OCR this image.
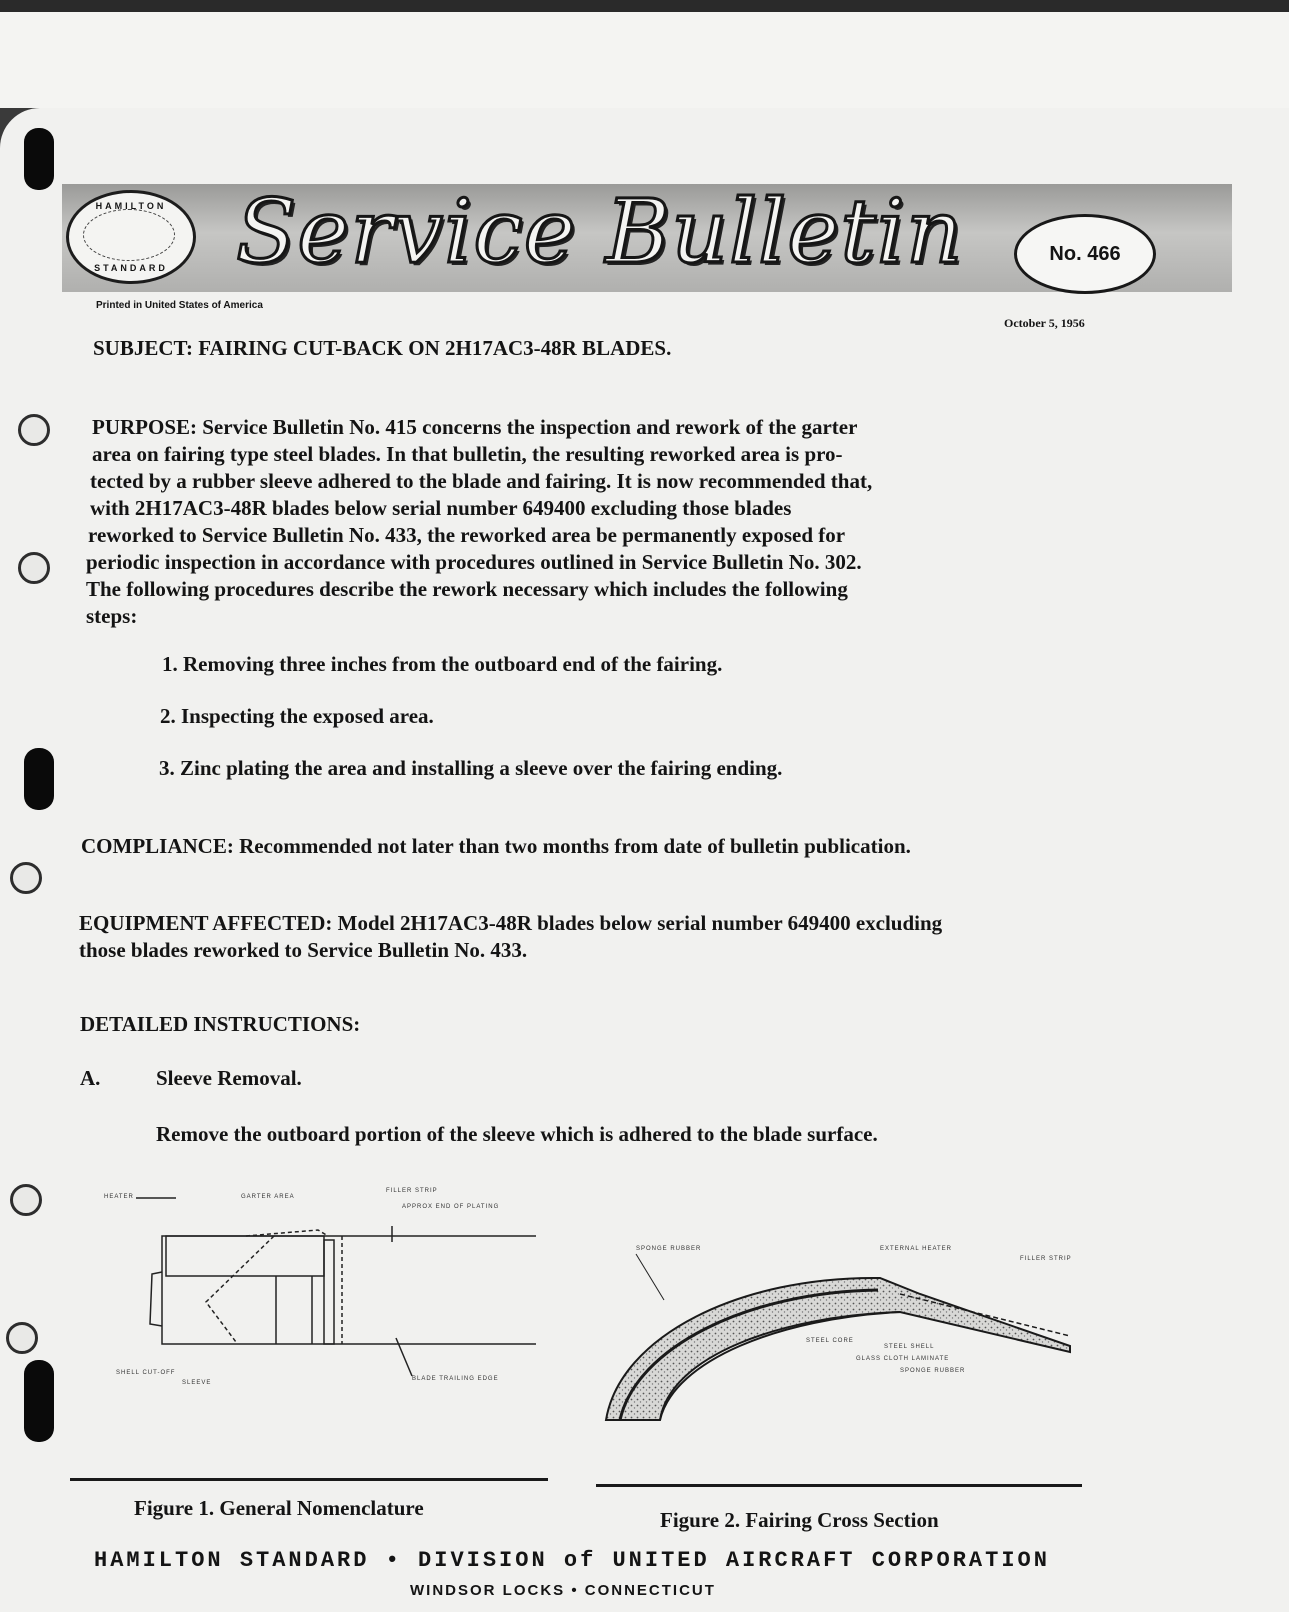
HAMILTON
STANDARD Service Bulletin	No. 466
Printed in United States of America
October 5, 1956
SUBJECT: FAIRING CUT-BACK ON 2H17AC3-48R BLADES.
PURPOSE: Service Bulletin No. 415 concerns the inspection and rework of the garter
area on fairing type steel blades. In that bulletin, the resulting reworked area is pro-
tected by a rubber sleeve adhered to the blade and fairing. It is now recommended that,
with 2H17AC3-48R blades below serial number 649400 excluding those blades
reworked to Service Bulletin No. 433, the reworked area be permanently exposed for
periodic inspection in accordance with procedures outlined in Service Bulletin No. 302.
The following procedures describe the rework necessary which includes the following
steps:
1. Removing three inches from the outboard end of the fairing.
2. Inspecting the exposed area.
3. Zinc plating the area and installing a sleeve over the fairing ending.
COMPLIANCE: Recommended not later than two months from date of bulletin publication.
EQUIPMENT AFFECTED: Model 2H17AC3-48R blades below serial number 649400 excluding
those blades reworked to Service Bulletin No. 433.
DETAILED INSTRUCTIONS:
A.	Sleeve Removal.
Remove the outboard portion of the sleeve which is adhered to the blade surface.
HEATER	GARTER AREA
FILLER STRIP
APPROX END OF PLATING
SHELL CUT-OFF
SLEEVE
BLADE TRAILING EDGE
SPONGE RUBBER	EXTERNAL HEATER
FILLER STRIP
STEEL CORE
STEEL SHELL
GLASS CLOTH LAMINATE
SPONGE RUBBER
Figure 1. General Nomenclature	Figure 2. Fairing Cross Section
HAMILTON STANDARD • DIVISION of UNITED AIRCRAFT CORPORATION
WINDSOR LOCKS • CONNECTICUT
